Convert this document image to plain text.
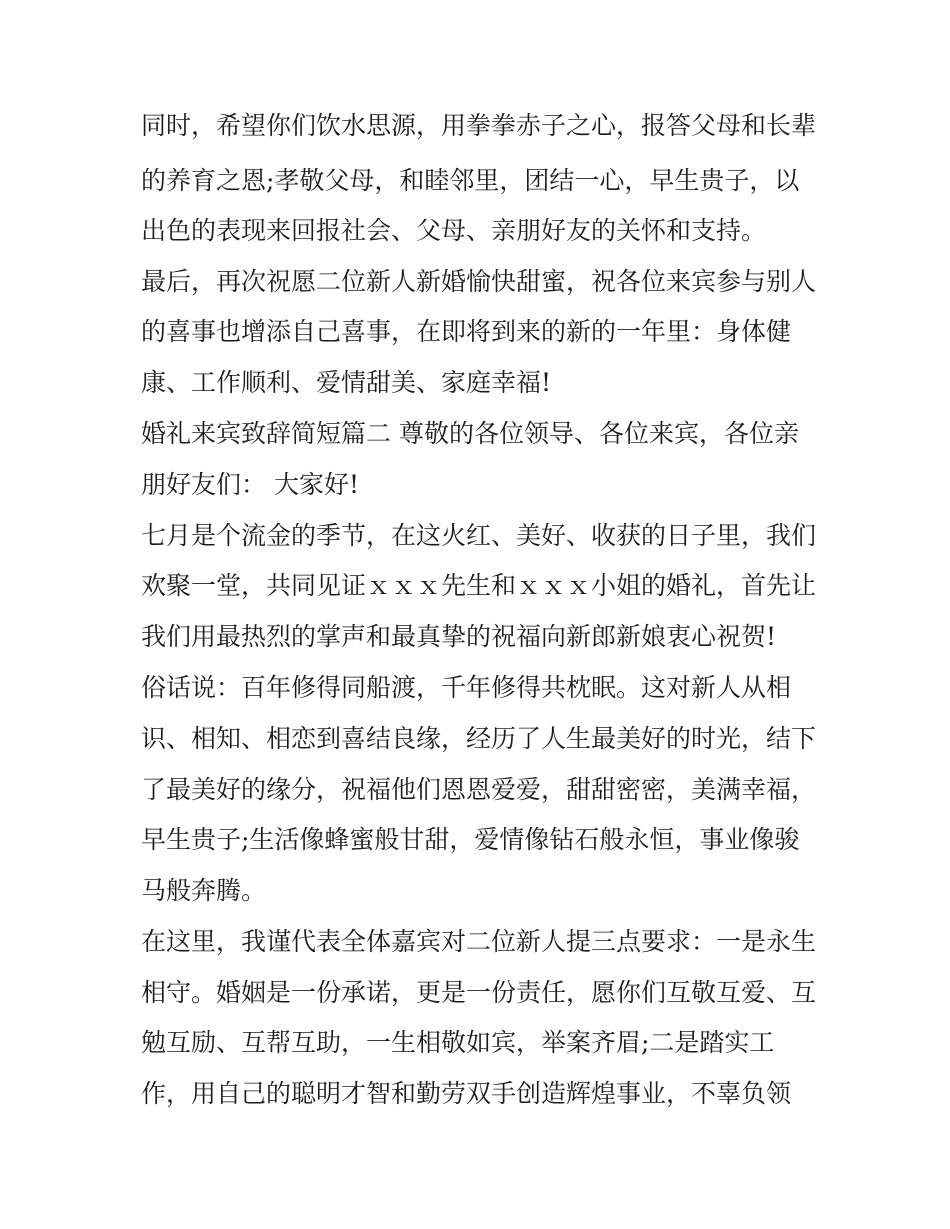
同时，希望你们饮水思源，用拳拳赤子之心，报答父母和长辈
的养育之恩;孝敬父母，和睦邻里，团结一心，早生贵子，以
出色的表现来回报社会、父母、亲朋好友的关怀和支持。
最后，再次祝愿二位新人新婚愉快甜蜜，祝各位来宾参与别人
的喜事也增添自己喜事，在即将到来的新的一年里：身体健
康、工作顺利、爱情甜美、家庭幸福!
婚礼来宾致辞简短篇二 尊敬的各位领导、各位来宾，各位亲
朋好友们： 大家好!
七月是个流金的季节，在这火红、美好、收获的日子里，我们
欢聚一堂，共同见证ｘｘｘ先生和ｘｘｘ小姐的婚礼，首先让
我们用最热烈的掌声和最真挚的祝福向新郎新娘衷心祝贺!
俗话说：百年修得同船渡，千年修得共枕眠。这对新人从相
识、相知、相恋到喜结良缘，经历了人生最美好的时光，结下
了最美好的缘分，祝福他们恩恩爱爱，甜甜密密，美满幸福，
早生贵子;生活像蜂蜜般甘甜，爱情像钻石般永恒，事业像骏
马般奔腾。
在这里，我谨代表全体嘉宾对二位新人提三点要求：一是永生
相守。婚姻是一份承诺，更是一份责任，愿你们互敬互爱、互
勉互励、互帮互助，一生相敬如宾，举案齐眉;二是踏实工
作，用自己的聪明才智和勤劳双手创造辉煌事业，不辜负领
